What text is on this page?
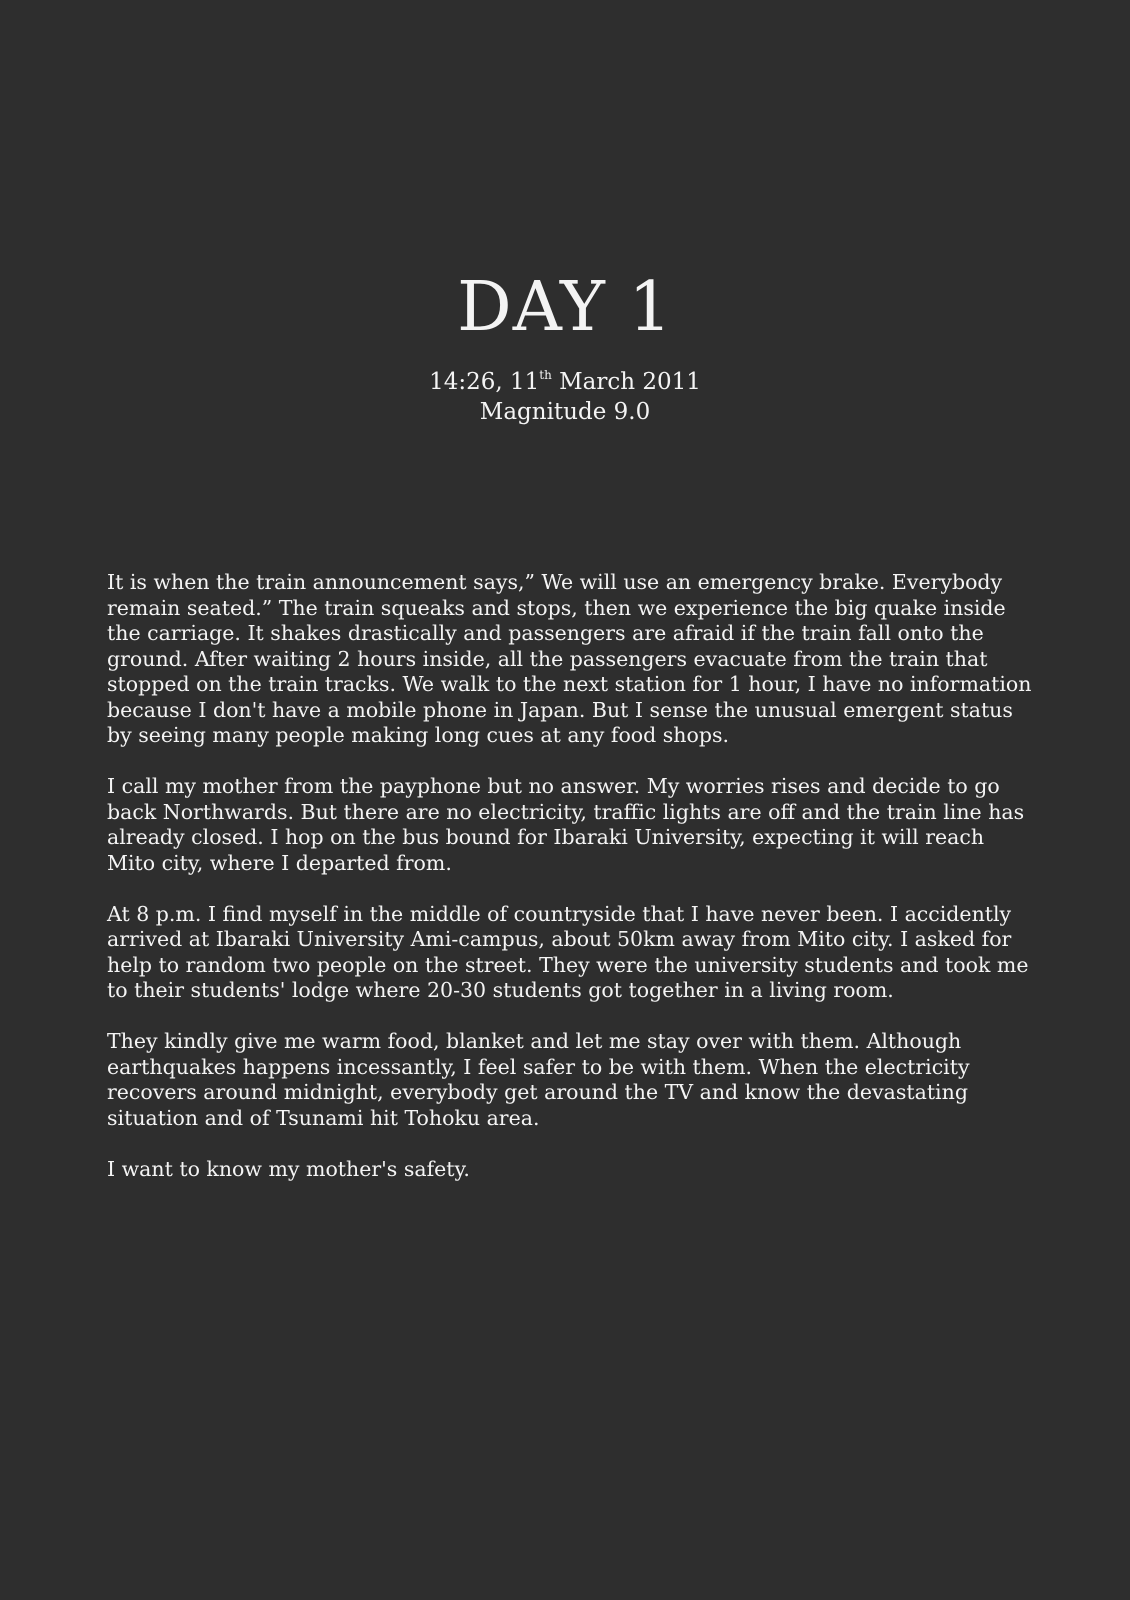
DAY 1
14:26, 11th March 2011
Magnitude 9.0

It is when the train announcement says,” We will use an emergency brake. Everybody remain seated.” The train squeaks and stops, then we experience the big quake inside the carriage. It shakes drastically and passengers are afraid if the train fall onto the ground. After waiting 2 hours inside, all the passengers evacuate from the train that stopped on the train tracks. We walk to the next station for 1 hour, I have no information because I don't have a mobile phone in Japan. But I sense the unusual emergent status by seeing many people making long cues at any food shops.

I call my mother from the payphone but no answer. My worries rises and decide to go back Northwards. But there are no electricity, traffic lights are off and the train line has already closed. I hop on the bus bound for Ibaraki University, expecting it will reach Mito city, where I departed from.

At 8 p.m. I find myself in the middle of countryside that I have never been. I accidently arrived at Ibaraki University Ami-campus, about 50km away from Mito city. I asked for help to random two people on the street. They were the university students and took me to their students' lodge where 20-30 students got together in a living room.

They kindly give me warm food, blanket and let me stay over with them. Although earthquakes happens incessantly, I feel safer to be with them. When the electricity recovers around midnight, everybody get around the TV and know the devastating situation and of Tsunami hit Tohoku area.

I want to know my mother's safety.
